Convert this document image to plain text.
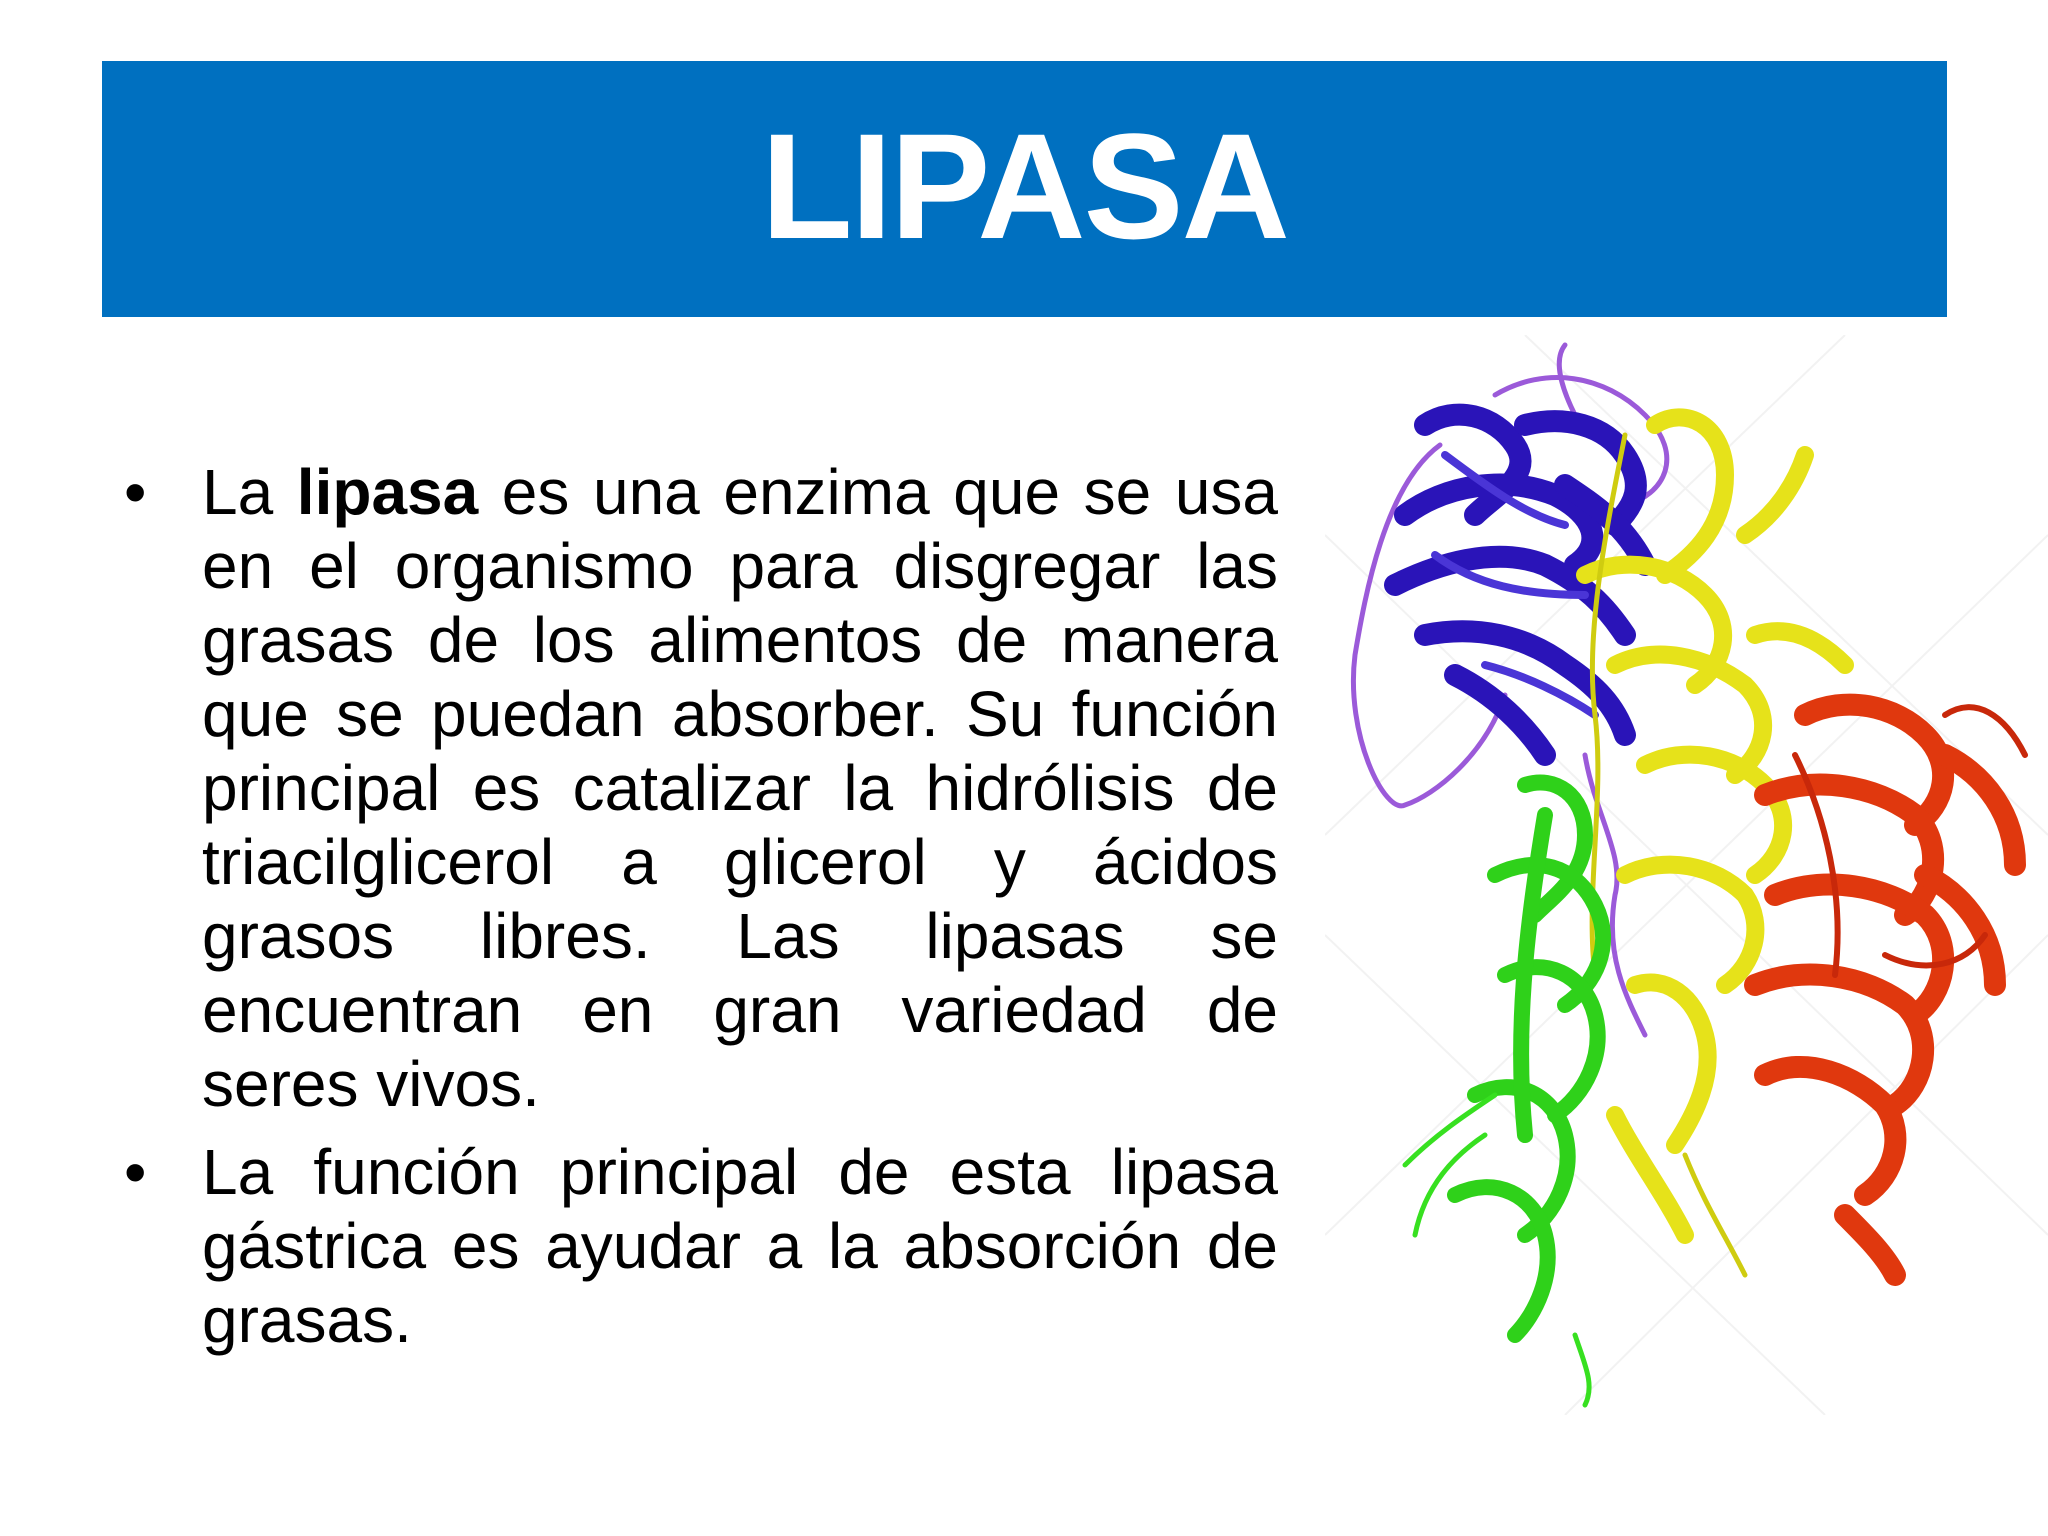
LIPASA
• La lipasa es una enzima que se usa en el organismo para disgregar las grasas de los alimentos de manera que se puedan absorber. Su función principal es catalizar la hidrólisis de triacilglicerol a glicerol y ácidos grasos libres. Las lipasas se encuentran en gran variedad de seres vivos.
• La función principal de esta lipasa gástrica es ayudar a la absorción de grasas.
